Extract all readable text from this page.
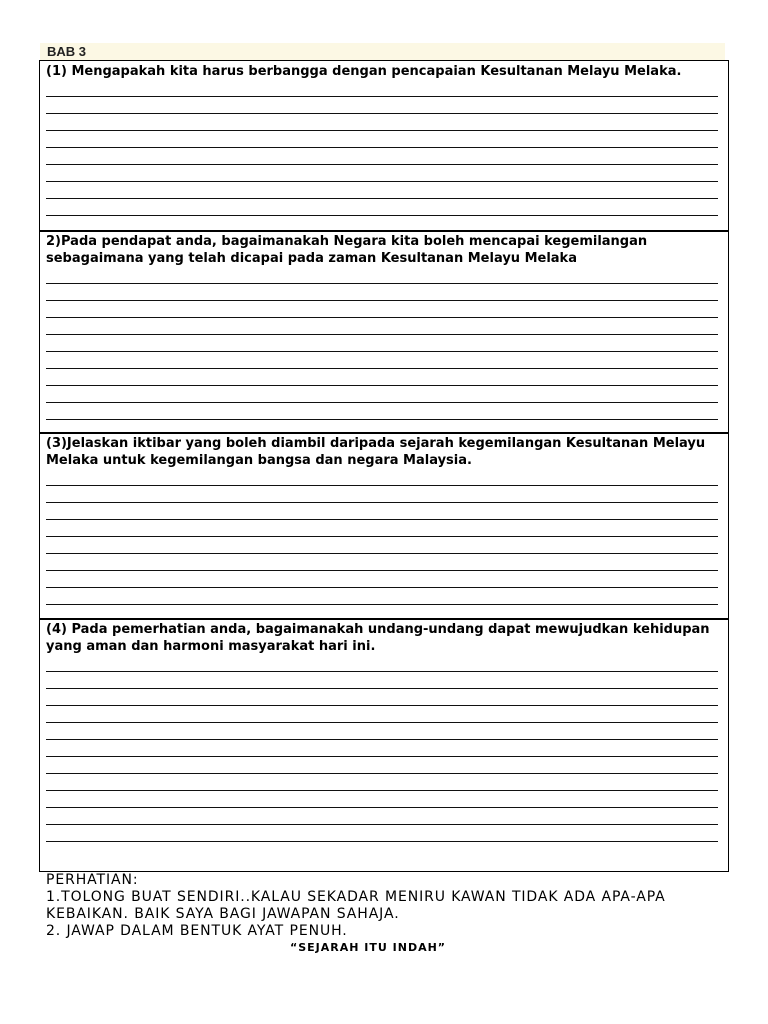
BAB 3
(1) Mengapakah kita harus berbangga dengan pencapaian Kesultanan Melayu Melaka.
2)Pada pendapat anda, bagaimanakah Negara kita boleh mencapai kegemilangan sebagaimana yang telah dicapai pada zaman Kesultanan Melayu Melaka
(3)Jelaskan iktibar yang boleh diambil daripada sejarah kegemilangan Kesultanan Melayu Melaka untuk kegemilangan bangsa dan negara Malaysia.
(4) Pada pemerhatian anda, bagaimanakah undang-undang dapat mewujudkan kehidupan yang aman dan harmoni masyarakat hari ini.
PERHATIAN:
1.TOLONG BUAT SENDIRI..KALAU SEKADAR MENIRU KAWAN TIDAK ADA APA-APA KEBAIKAN. BAIK SAYA BAGI JAWAPAN SAHAJA.
2. JAWAP DALAM BENTUK AYAT PENUH.
“SEJARAH ITU INDAH”
